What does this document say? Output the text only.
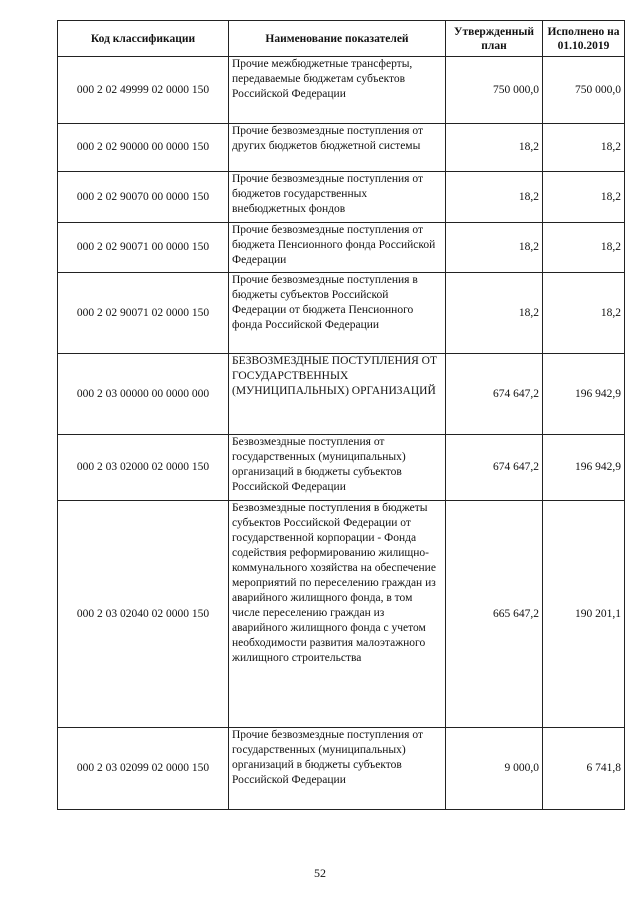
Код классификации	Наименование показателей	Утвержденный план	Исполнено на 01.10.2019
000 2 02 49999 02 0000 150	Прочие межбюджетные трансферты, передаваемые бюджетам субъектов Российской Федерации	750 000,0	750 000,0
000 2 02 90000 00 0000 150	Прочие безвозмездные поступления от других бюджетов бюджетной системы	18,2	18,2
000 2 02 90070 00 0000 150	Прочие безвозмездные поступления от бюджетов государственных внебюджетных фондов	18,2	18,2
000 2 02 90071 00 0000 150	Прочие безвозмездные поступления от бюджета Пенсионного фонда Российской Федерации	18,2	18,2
000 2 02 90071 02 0000 150	Прочие безвозмездные поступления в бюджеты субъектов Российской Федерации от бюджета Пенсионного фонда Российской Федерации	18,2	18,2
000 2 03 00000 00 0000 000	БЕЗВОЗМЕЗДНЫЕ ПОСТУПЛЕНИЯ ОТ ГОСУДАРСТВЕННЫХ (МУНИЦИПАЛЬНЫХ) ОРГАНИЗАЦИЙ	674 647,2	196 942,9
000 2 03 02000 02 0000 150	Безвозмездные поступления от государственных (муниципальных) организаций в бюджеты субъектов Российской Федерации	674 647,2	196 942,9
000 2 03 02040 02 0000 150	Безвозмездные поступления в бюджеты субъектов Российской Федерации от государственной корпорации - Фонда содействия реформированию жилищно-коммунального хозяйства на обеспечение мероприятий по переселению граждан из аварийного жилищного фонда, в том числе переселению граждан из аварийного жилищного фонда с учетом необходимости развития малоэтажного жилищного строительства	665 647,2	190 201,1
000 2 03 02099 02 0000 150	Прочие безвозмездные поступления от государственных (муниципальных) организаций в бюджеты субъектов Российской Федерации	9 000,0	6 741,8
52
